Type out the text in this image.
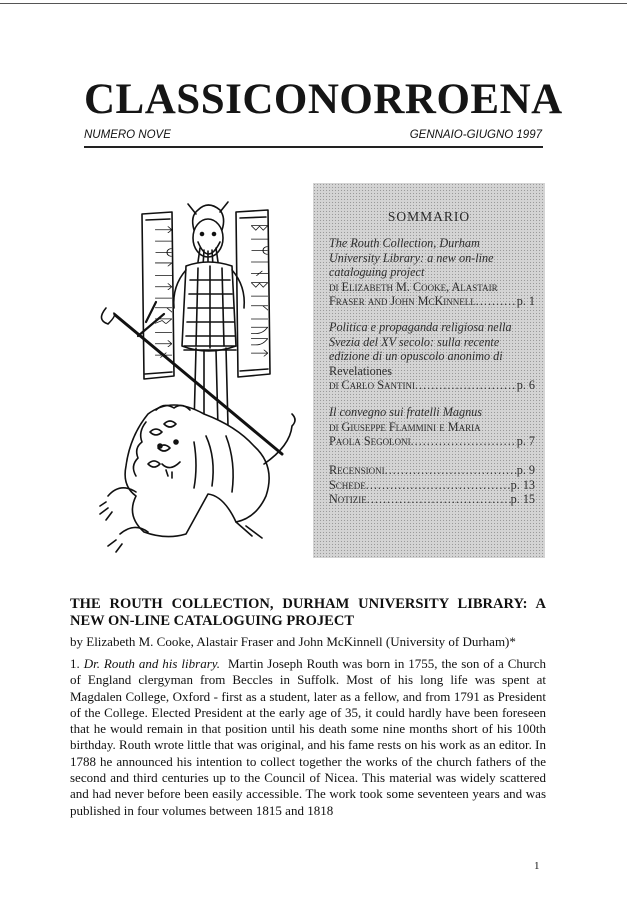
CLASSICONORROENA
NUMERO NOVE	GENNAIO-GIUGNO 1997
ᛏᛁᛘᛚᛁᛏᛁᚴᚱᛁᛏᚼ	ᛒᛁᛘᛁᚾᛒᛁᚴᛁᚢᚢᛏ
SOMMARIO
The Routh Collection, Durham
University Library: a new on-line
cataloguing project
di Elizabeth M. Cooke, Alastair
Fraser and John McKinnell .....	p. 1
Politica e propaganda religiosa nella
Svezia del XV secolo: sulla recente
edizione di un opuscolo anonimo di
Revelationes
di Carlo Santini .....	p. 6
Il convegno sui fratelli Magnus
di Giuseppe Flammini e Maria
Paola Segoloni .....	p. 7
Recensioni .....	p. 9
Schede .....	p. 13
Notizie .....	p. 15
THE ROUTH COLLECTION, DURHAM UNIVERSITY LIBRARY: A NEW ON-LINE CATALOGUING PROJECT
by Elizabeth M. Cooke, Alastair Fraser and John McKinnell (University of Durham)*
1. Dr. Routh and his library. Martin Joseph Routh was born in 1755, the son of a Church of England clergyman from Beccles in Suffolk. Most of his long life was spent at Magdalen College, Oxford - first as a student, later as a fellow, and from 1791 as President of the College. Elected President at the early age of 35, it could hardly have been foreseen that he would remain in that position until his death some nine months short of his 100th birthday. Routh wrote little that was original, and his fame rests on his work as an editor. In 1788 he announced his intention to collect together the works of the church fathers of the second and third centuries up to the Council of Nicea. This material was widely scattered and had never before been easily accessible. The work took some seventeen years and was published in four volumes between 1815 and 1818
1
